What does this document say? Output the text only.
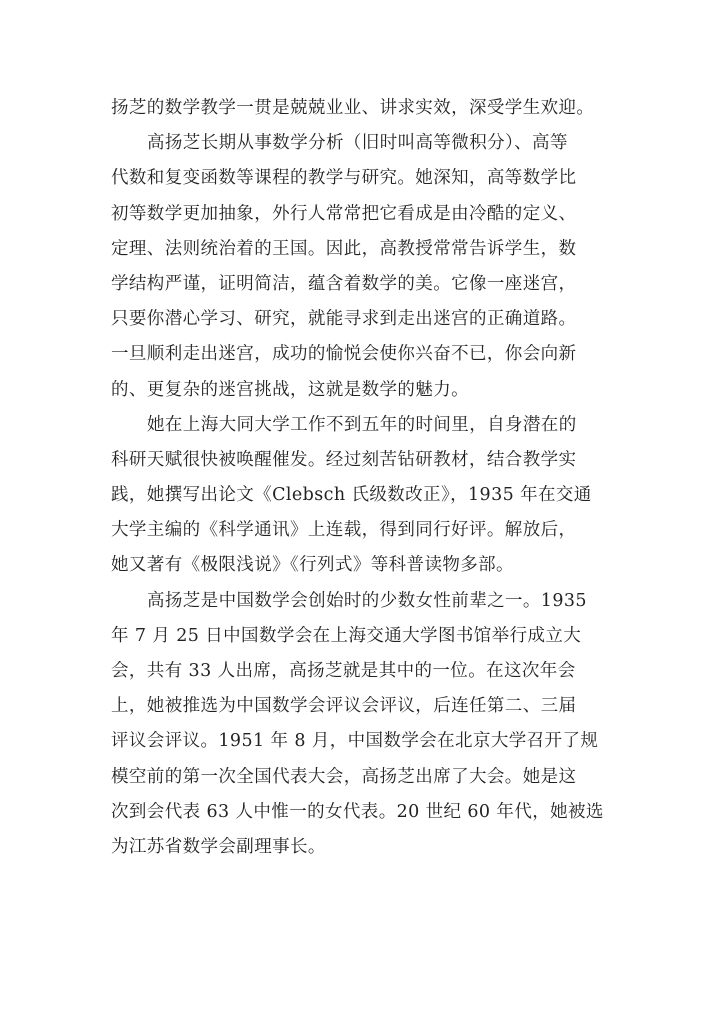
扬芝的数学教学一贯是兢兢业业、讲求实效，深受学生欢迎。
高扬芝长期从事数学分析（旧时叫高等微积分）、高等
代数和复变函数等课程的教学与研究。她深知，高等数学比
初等数学更加抽象，外行人常常把它看成是由冷酷的定义、
定理、法则统治着的王国。因此，高教授常常告诉学生，数
学结构严谨，证明简洁，蕴含着数学的美。它像一座迷宫，
只要你潜心学习、研究，就能寻求到走出迷宫的正确道路。
一旦顺利走出迷宫，成功的愉悦会使你兴奋不已，你会向新
的、更复杂的迷宫挑战，这就是数学的魅力。
她在上海大同大学工作不到五年的时间里，自身潜在的
科研天赋很快被唤醒催发。经过刻苦钻研教材，结合教学实
践，她撰写出论文《Clebsch 氏级数改正》，1935 年在交通
大学主编的《科学通讯》上连载，得到同行好评。解放后，
她又著有《极限浅说》《行列式》等科普读物多部。
高扬芝是中国数学会创始时的少数女性前辈之一。1935
年 7 月 25 日中国数学会在上海交通大学图书馆举行成立大
会，共有 33 人出席，高扬芝就是其中的一位。在这次年会
上，她被推选为中国数学会评议会评议，后连任第二、三届
评议会评议。1951 年 8 月，中国数学会在北京大学召开了规
模空前的第一次全国代表大会，高扬芝出席了大会。她是这
次到会代表 63 人中惟一的女代表。20 世纪 60 年代，她被选
为江苏省数学会副理事长。
